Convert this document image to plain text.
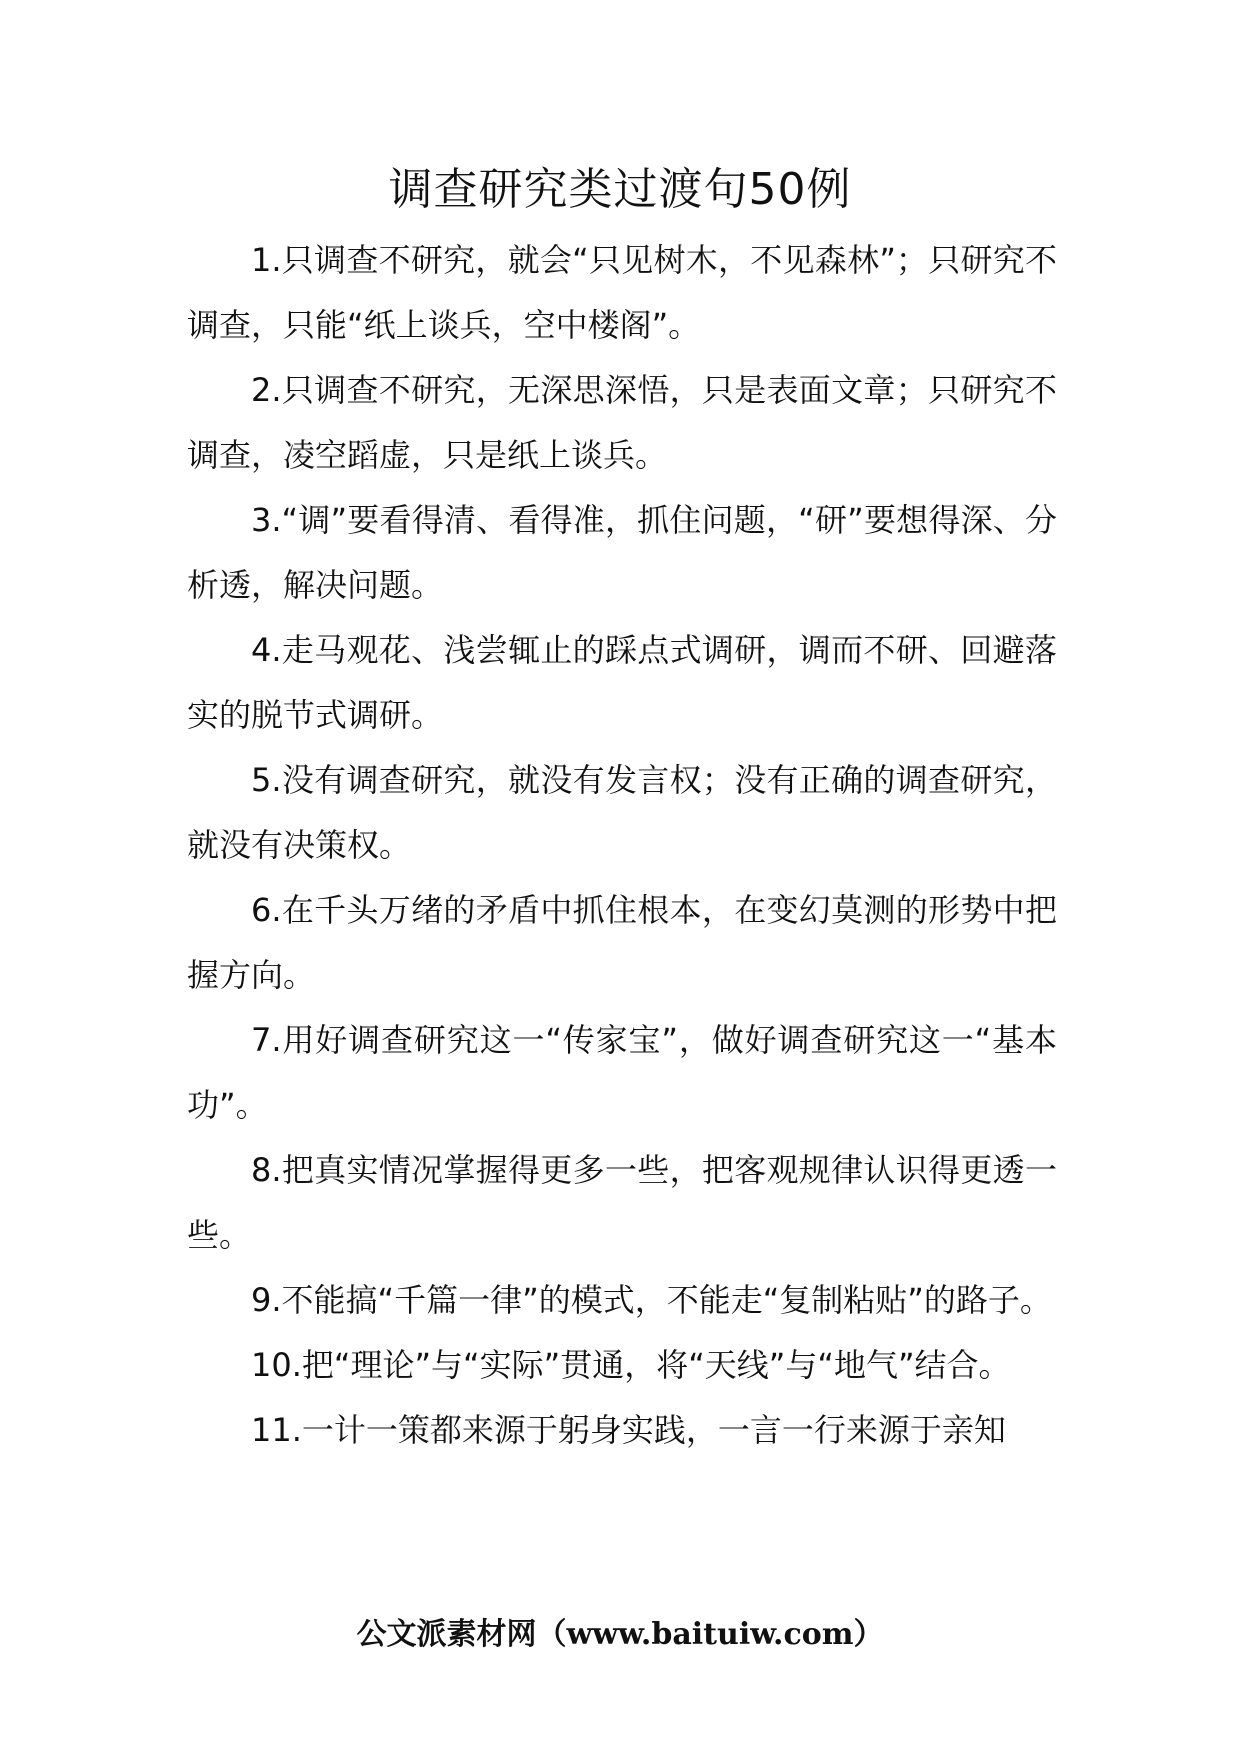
调查研究类过渡句50例

1.只调查不研究，就会“只见树木，不见森林”；只研究不调查，只能“纸上谈兵，空中楼阁”。

2.只调查不研究，无深思深悟，只是表面文章；只研究不调查，凌空蹈虚，只是纸上谈兵。

3.“调”要看得清、看得准，抓住问题，“研”要想得深、分析透，解决问题。

4.走马观花、浅尝辄止的踩点式调研，调而不研、回避落实的脱节式调研。

5.没有调查研究，就没有发言权；没有正确的调查研究，就没有决策权。

6.在千头万绪的矛盾中抓住根本，在变幻莫测的形势中把握方向。

7.用好调查研究这一“传家宝”，做好调查研究这一“基本功”。

8.把真实情况掌握得更多一些，把客观规律认识得更透一些。

9.不能搞“千篇一律”的模式，不能走“复制粘贴”的路子。

10.把“理论”与“实际”贯通，将“天线”与“地气”结合。

11.一计一策都来源于躬身实践，一言一行来源于亲知

公文派素材网（www.baituiw.com）
